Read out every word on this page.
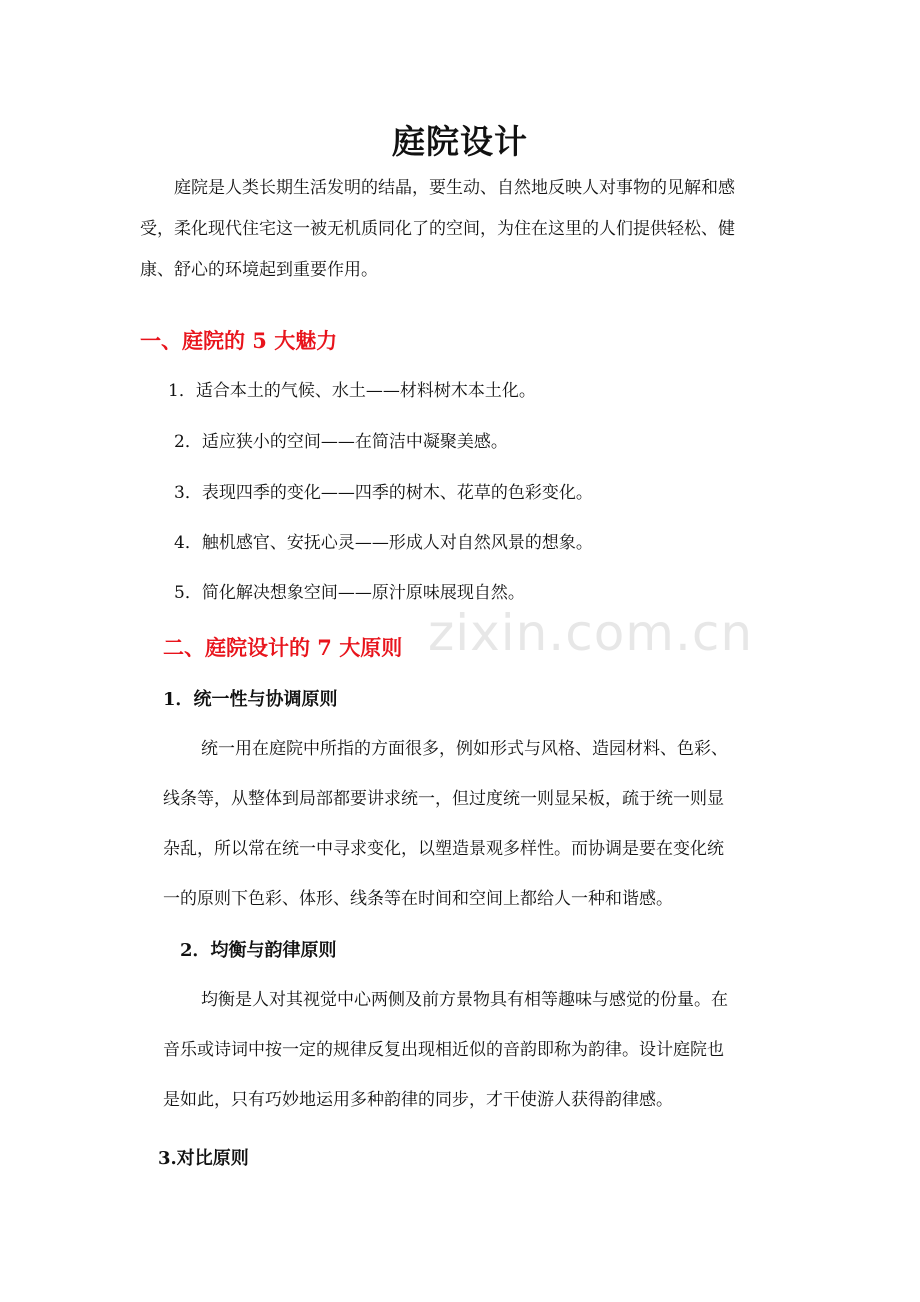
庭院设计

庭院是人类长期生活发明的结晶，要生动、自然地反映人对事物的见解和感

受，柔化现代住宅这一被无机质同化了的空间，为住在这里的人们提供轻松、健

康、舒心的环境起到重要作用。

一、庭院的 5 大魅力
1．适合本土的气候、水土——材料树木本土化。
2．适应狭小的空间——在简洁中凝聚美感。
3．表现四季的变化——四季的树木、花草的色彩变化。
4．触机感官、安抚心灵——形成人对自然风景的想象。
5．简化解决想象空间——原汁原味展现自然。
二、庭院设计的 7 大原则
1．统一性与协调原则

统一用在庭院中所指的方面很多，例如形式与风格、造园材料、色彩、

线条等，从整体到局部都要讲求统一，但过度统一则显呆板，疏于统一则显

杂乱，所以常在统一中寻求变化，以塑造景观多样性。而协调是要在变化统

一的原则下色彩、体形、线条等在时间和空间上都给人一种和谐感。

2．均衡与韵律原则

均衡是人对其视觉中心两侧及前方景物具有相等趣味与感觉的份量。在

音乐或诗词中按一定的规律反复出现相近似的音韵即称为韵律。设计庭院也

是如此，只有巧妙地运用多种韵律的同步，才干使游人获得韵律感。

3.对比原则
zixin.com.cn
